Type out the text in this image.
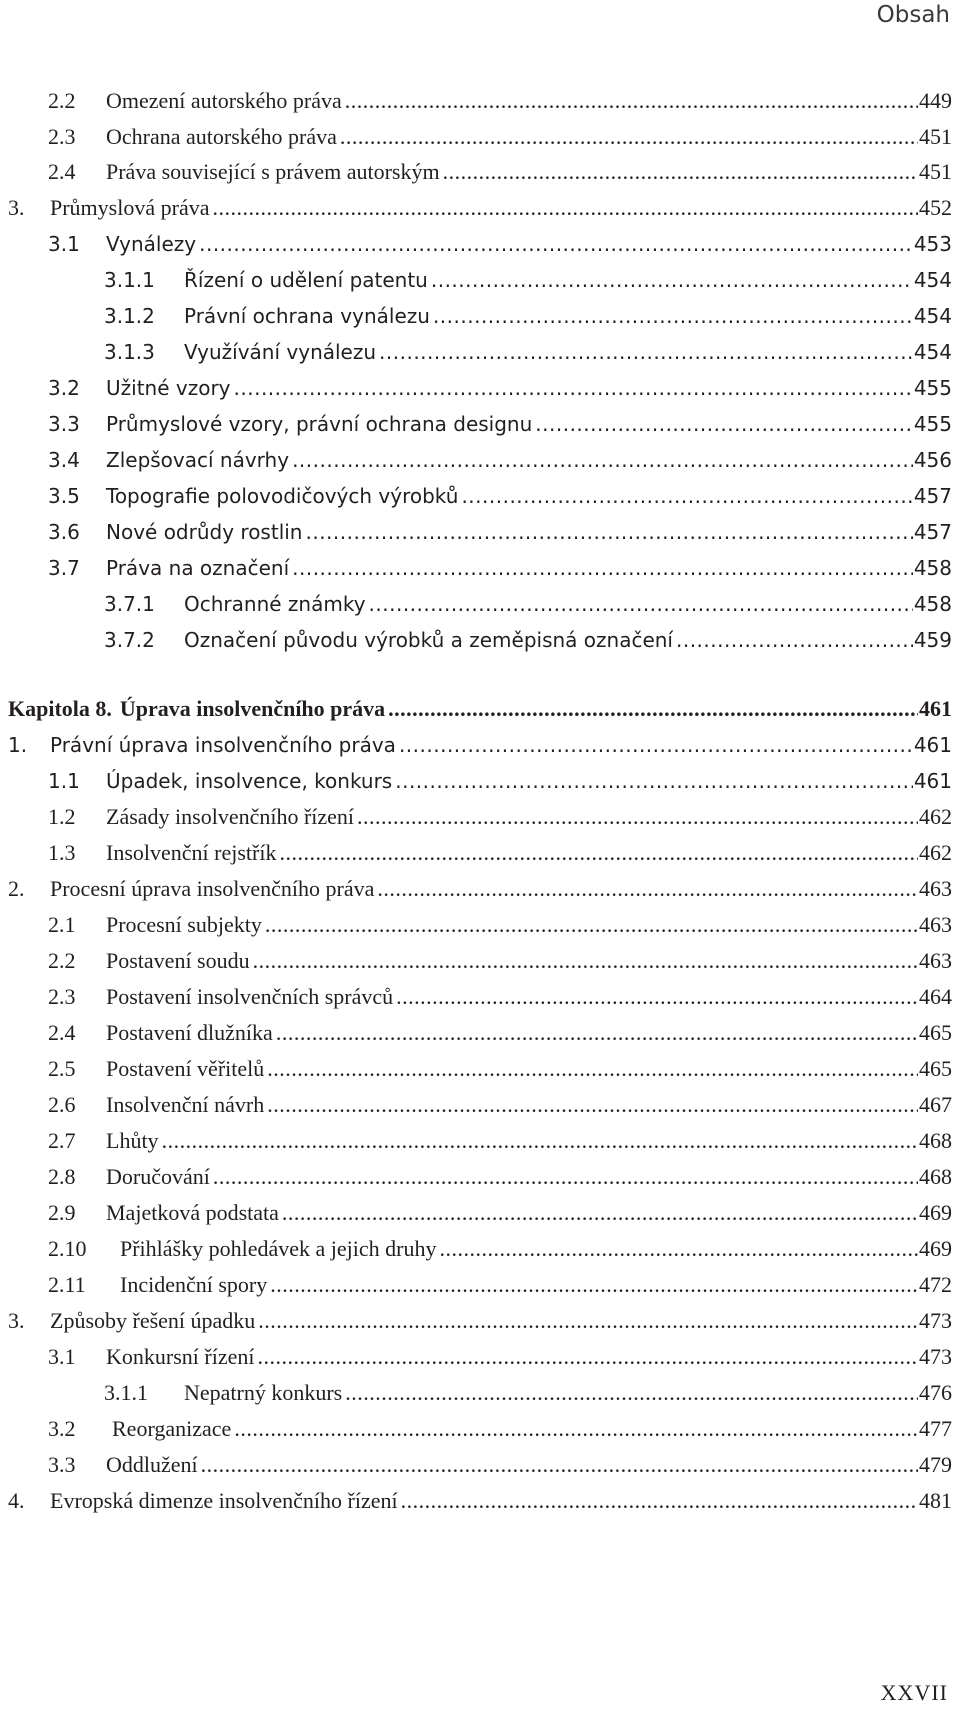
Obsah
2.2	Omezení autorského práva .....	449
2.3	Ochrana autorského práva .....	451
2.4	Práva související s právem autorským .....	451
3.	Průmyslová práva .....	452
3.1	Vynálezy .....	453
3.1.1	Řízení o udělení patentu .....	454
3.1.2	Právní ochrana vynálezu .....	454
3.1.3	Využívání vynálezu .....	454
3.2	Užitné vzory .....	455
3.3	Průmyslové vzory, právní ochrana designu .....	455
3.4	Zlepšovací návrhy .....	456
3.5	Topografie polovodičových výrobků .....	457
3.6	Nové odrůdy rostlin .....	457
3.7	Práva na označení .....	458
3.7.1	Ochranné známky .....	458
3.7.2	Označení původu výrobků a zeměpisná označení .....	459
Kapitola 8. Úprava insolvenčního práva .....	461
1.	Právní úprava insolvenčního práva .....	461
1.1	Úpadek, insolvence, konkurs .....	461
1.2	Zásady insolvenčního řízení .....	462
1.3	Insolvenční rejstřík .....	462
2.	Procesní úprava insolvenčního práva .....	463
2.1	Procesní subjekty .....	463
2.2	Postavení soudu .....	463
2.3	Postavení insolvenčních správců .....	464
2.4	Postavení dlužníka .....	465
2.5	Postavení věřitelů .....	465
2.6	Insolvenční návrh .....	467
2.7	Lhůty .....	468
2.8	Doručování .....	468
2.9	Majetková podstata .....	469
2.10	Přihlášky pohledávek a jejich druhy .....	469
2.11	Incidenční spory .....	472
3.	Způsoby řešení úpadku .....	473
3.1	Konkursní řízení .....	473
3.1.1	Nepatrný konkurs .....	476
3.2	Reorganizace .....	477
3.3	Oddlužení .....	479
4.	Evropská dimenze insolvenčního řízení .....	481
XXVII
